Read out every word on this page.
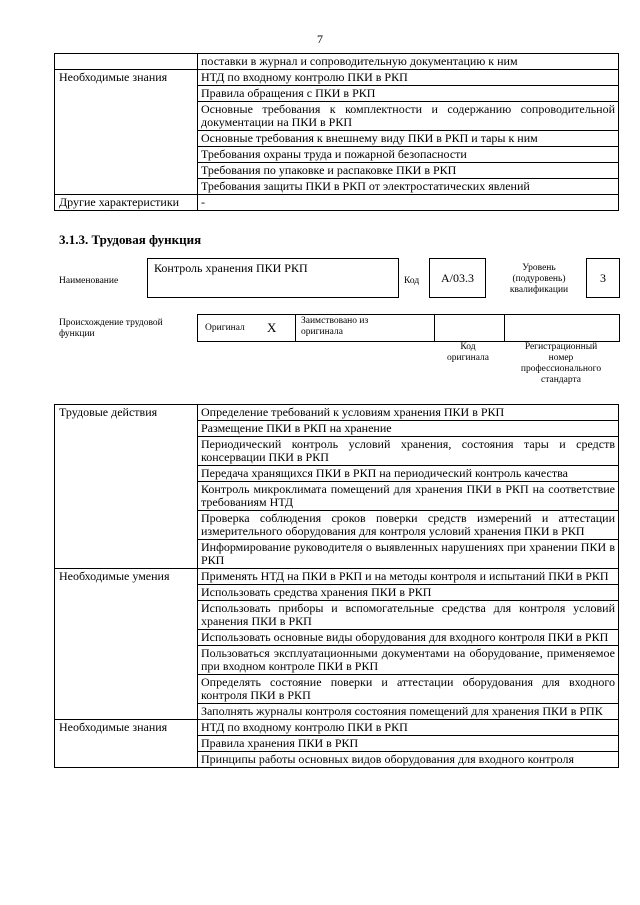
7
	поставки в журнал и сопроводительную документацию к ним
Необходимые знания	НТД по входному контролю ПКИ в РКП
	Правила обращения с ПКИ в РКП
	Основные требования к комплектности и содержанию сопроводительной документации на ПКИ в РКП
	Основные требования к внешнему виду ПКИ в РКП и тары к ним
	Требования охраны труда и пожарной безопасности
	Требования по упаковке и распаковке ПКИ в РКП
	Требования защиты ПКИ в РКП от электростатических явлений
Другие характеристики	-
3.1.3. Трудовая функция
Наименование
Контроль хранения ПКИ РКП
Код	A/03.3
Уровень
(подуровень)
квалификации
3
Происхождение трудовой
функции
Оригинал X	Заимствовано из
оригинала
Код
оригинала
Регистрационный
номер
профессионального
стандарта
Трудовые действия	Определение требований к условиям хранения ПКИ в РКП
	Размещение ПКИ в РКП на хранение
	Периодический контроль условий хранения, состояния тары и средств консервации ПКИ в РКП
	Передача хранящихся ПКИ в РКП на периодический контроль качества
	Контроль микроклимата помещений для хранения ПКИ в РКП на соответствие требованиям НТД
	Проверка соблюдения сроков поверки средств измерений и аттестации измерительного оборудования для контроля условий хранения ПКИ в РКП
	Информирование руководителя о выявленных нарушениях при хранении ПКИ в РКП
Необходимые умения	Применять НТД на ПКИ в РКП и на методы контроля и испытаний ПКИ в РКП
	Использовать средства хранения ПКИ в РКП
	Использовать приборы и вспомогательные средства для контроля условий хранения ПКИ в РКП
	Использовать основные виды оборудования для входного контроля ПКИ в РКП
	Пользоваться эксплуатационными документами на оборудование, применяемое при входном контроле ПКИ в РКП
	Определять состояние поверки и аттестации оборудования для входного контроля ПКИ в РКП
	Заполнять журналы контроля состояния помещений для хранения ПКИ в РПК
Необходимые знания	НТД по входному контролю ПКИ в РКП
	Правила хранения ПКИ в РКП
	Принципы работы основных видов оборудования для входного контроля
